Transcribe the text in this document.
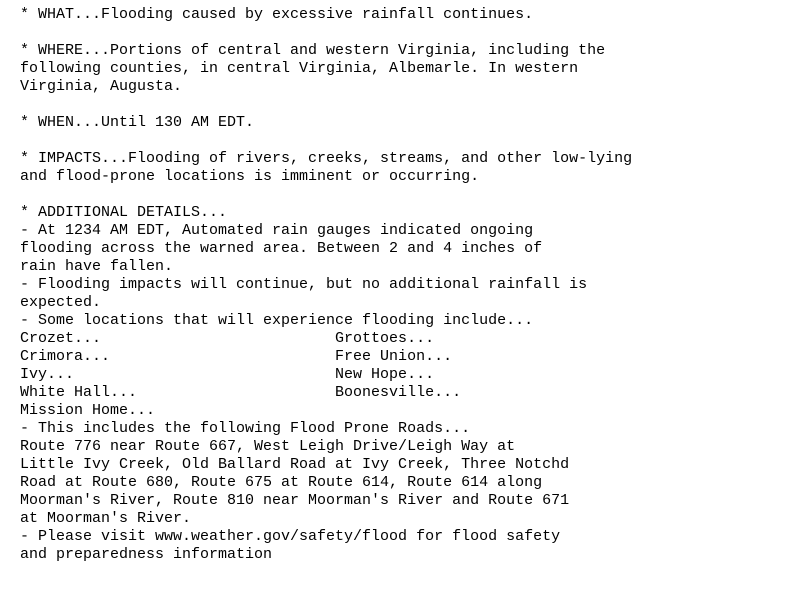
* WHAT...Flooding caused by excessive rainfall continues.

* WHERE...Portions of central and western Virginia, including the
following counties, in central Virginia, Albemarle. In western
Virginia, Augusta.

* WHEN...Until 130 AM EDT.

* IMPACTS...Flooding of rivers, creeks, streams, and other low-lying
and flood-prone locations is imminent or occurring.

* ADDITIONAL DETAILS...
- At 1234 AM EDT, Automated rain gauges indicated ongoing
flooding across the warned area. Between 2 and 4 inches of
rain have fallen.
- Flooding impacts will continue, but no additional rainfall is
expected.
- Some locations that will experience flooding include...
Crozet...                          Grottoes...
Crimora...                         Free Union...
Ivy...                             New Hope...
White Hall...                      Boonesville...
Mission Home...
- This includes the following Flood Prone Roads...
Route 776 near Route 667, West Leigh Drive/Leigh Way at
Little Ivy Creek, Old Ballard Road at Ivy Creek, Three Notchd
Road at Route 680, Route 675 at Route 614, Route 614 along
Moorman's River, Route 810 near Moorman's River and Route 671
at Moorman's River.
- Please visit www.weather.gov/safety/flood for flood safety
and preparedness information
